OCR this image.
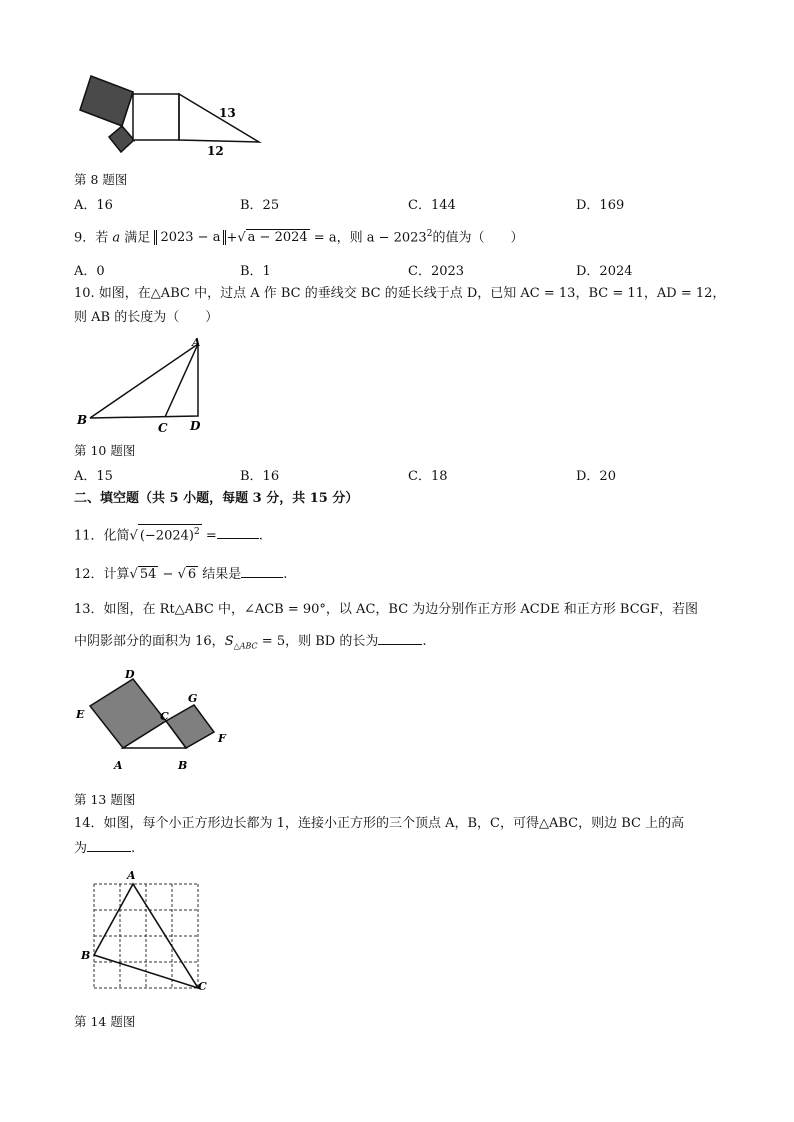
13
12
第 8 题图
A．16	B．25	C．144	D．169
9．若 a 满足 2023 − a +√ a − 2024 = a，则 $a - 2023^2$的值为（　　）
A．0	B．1	C．2023	D．2024
10. 如图，在△ABC 中，过点 A 作 BC 的垂线交 BC 的延长线于点 D，已知 AC = 13，BC = 11，AD = 12，
则 AB 的长度为（　　）
A
B
C D
第 10 题图
A．15	B．16	C．18	D．20
二、填空题（共 5 小题，每题 3 分，共 15 分）
11．化简√ $(-2024)^2$ =	.
12．计算√ 54 − √ 6 结果是	.
13．如图，在 Rt△ABC 中，∠ACB = 90°，以 AC，BC 为边分别作正方形 ACDE 和正方形 BCGF，若图
中阴影部分的面积为 16，$S_{\triangle ABC} = 5$，则 BD 的长为	.
D
G
E	C
F
A	B
第 13 题图
14．如图，每个小正方形边长都为 1，连接小正方形的三个顶点 A，B，C，可得△ABC，则边 BC 上的高
为	.
A
B
C
第 14 题图
